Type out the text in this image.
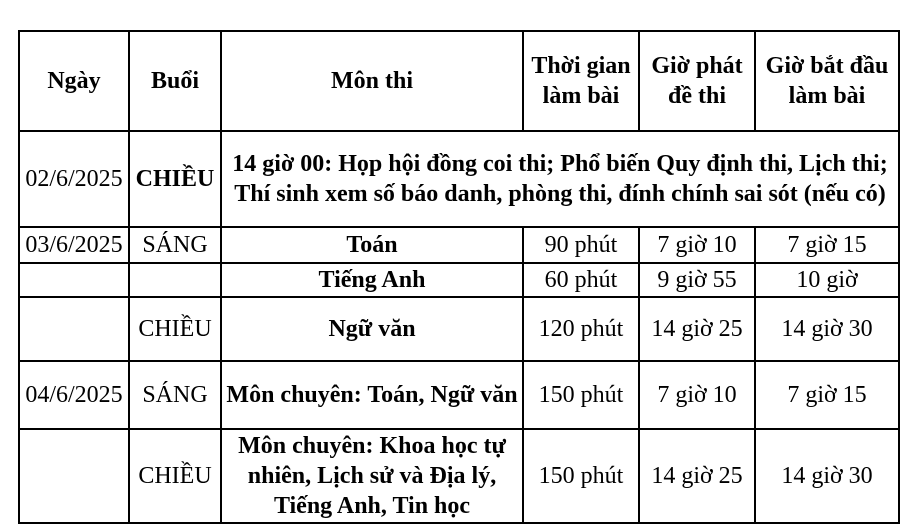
Ngày	Buổi	Môn thi	Thời gian làm bài	Giờ phát đề thi	Giờ bắt đầu làm bài
02/6/2025	CHIỀU	14 giờ 00: Họp hội đồng coi thi; Phổ biến Quy định thi, Lịch thi; Thí sinh xem số báo danh, phòng thi, đính chính sai sót (nếu có)			
03/6/2025	SÁNG	Toán	90 phút	7 giờ 10	7 giờ 15
		Tiếng Anh	60 phút	9 giờ 55	10 giờ
	CHIỀU	Ngữ văn	120 phút	14 giờ 25	14 giờ 30
04/6/2025	SÁNG	Môn chuyên: Toán, Ngữ văn	150 phút	7 giờ 10	7 giờ 15
	CHIỀU	Môn chuyên: Khoa học tự nhiên, Lịch sử và Địa lý, Tiếng Anh, Tin học	150 phút	14 giờ 25	14 giờ 30
